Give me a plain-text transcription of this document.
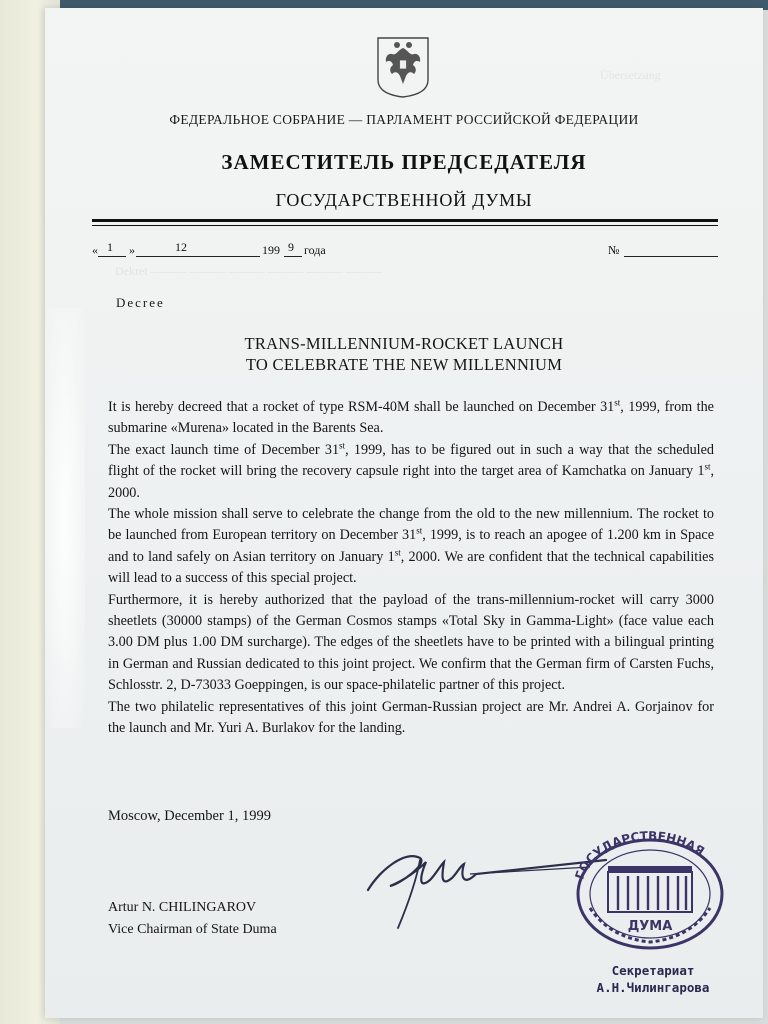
Übersetzung
Dekret ——— ——— ——— ——— ——— ———
ФЕДЕРАЛЬНОЕ СОБРАНИЕ — ПАРЛАМЕНТ РОССИЙСКОЙ ФЕДЕРАЦИИ
ЗАМЕСТИТЕЛЬ ПРЕДСЕДАТЕЛЯ
ГОСУДАРСТВЕННОЙ ДУМЫ
« 1 »	12	199 9 года	№
Decree
TRANS-MILLENNIUM-ROCKET LAUNCH
TO CELEBRATE THE NEW MILLENNIUM

It is hereby decreed that a rocket of type RSM-40M shall be launched on December 31st, 1999, from the submarine «Murena» located in the Barents Sea.

The exact launch time of December 31st, 1999, has to be figured out in such a way that the scheduled flight of the rocket will bring the recovery capsule right into the target area of Kamchatka on January 1st, 2000.

The whole mission shall serve to celebrate the change from the old to the new millennium. The rocket to be launched from European territory on December 31st, 1999, is to reach an apogee of 1.200 km in Space and to land safely on Asian territory on January 1st, 2000. We are confident that the technical capabilities will lead to a success of this special project.

Furthermore, it is hereby authorized that the payload of the trans-millennium-rocket will carry 3000 sheetlets (30000 stamps) of the German Cosmos stamps «Total Sky in Gamma-Light» (face value each 3.00 DM plus 1.00 DM surcharge). The edges of the sheetlets have to be printed with a bilingual printing in German and Russian dedicated to this joint project. We confirm that the German firm of Carsten Fuchs, Schlosstr. 2, D-73033 Goeppingen, is our space-philatelic partner of this project.

The two philatelic representatives of this joint German-Russian project are Mr. Andrei A. Gorjainov for the launch and Mr. Yuri A. Burlakov for the landing.

Moscow, December 1, 1999
Artur N. CHILINGAROV
Vice Chairman of State Duma
ГОСУДАРСТВЕННАЯ
ДУМА
Секретариат
А.Н.Чилингарова
